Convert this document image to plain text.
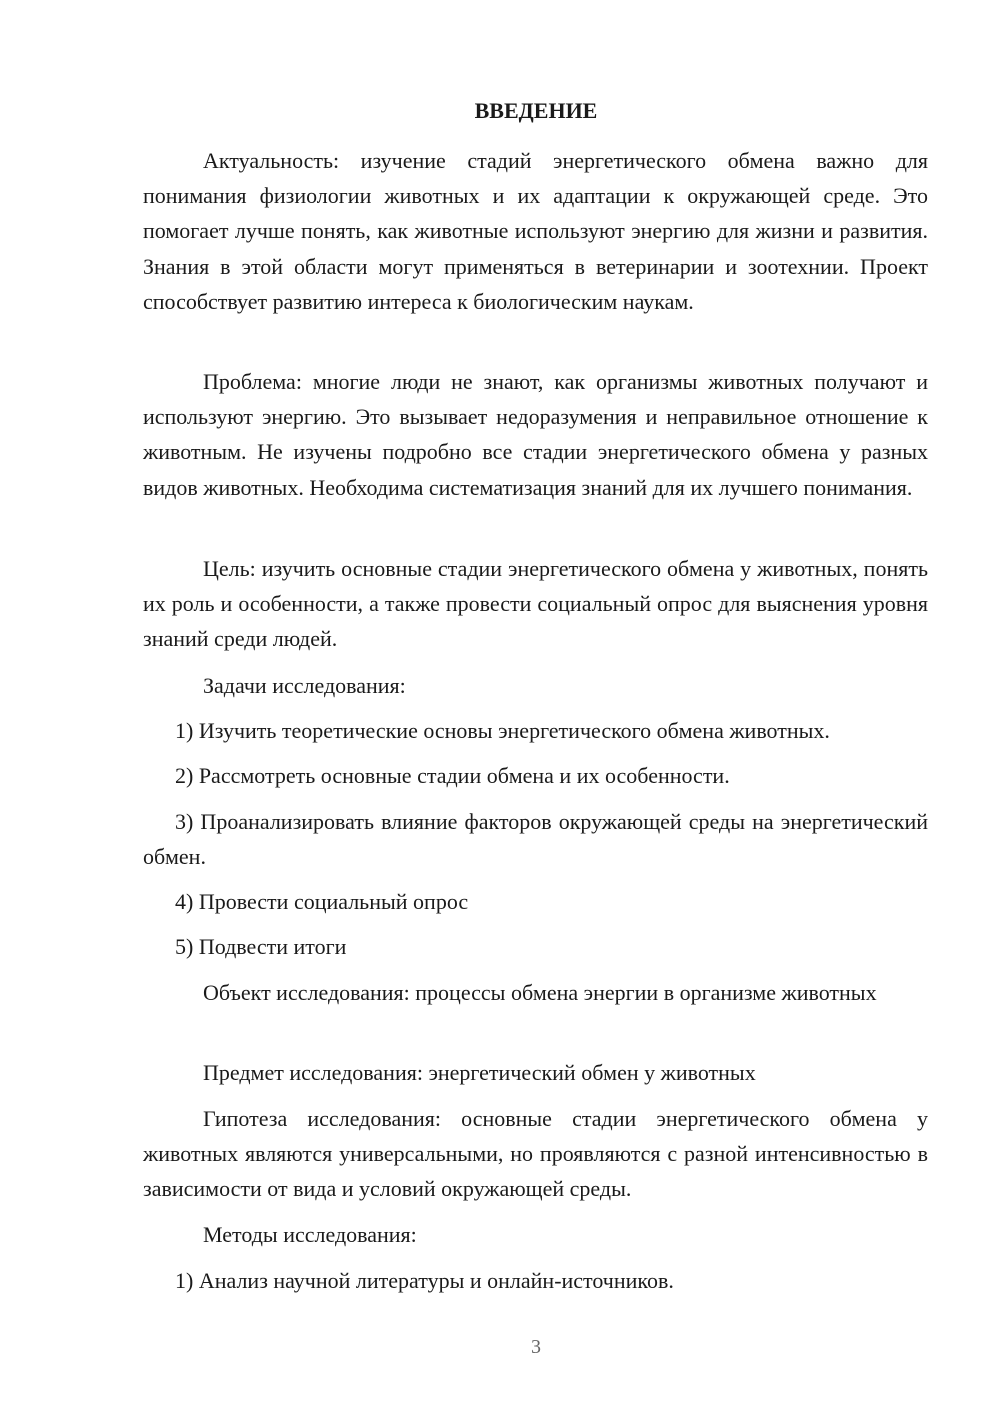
ВВЕДЕНИЕ

Актуальность: изучение стадий энергетического обмена важно для понимания физиологии животных и их адаптации к окружающей среде. Это помогает лучше понять, как животные используют энергию для жизни и развития. Знания в этой области могут применяться в ветеринарии и зоотехнии. Проект способствует развитию интереса к биологическим наукам.

Проблема: многие люди не знают, как организмы животных получают и используют энергию. Это вызывает недоразумения и неправильное отношение к животным. Не изучены подробно все стадии энергетического обмена у разных видов животных. Необходима систематизация знаний для их лучшего понимания.

Цель: изучить основные стадии энергетического обмена у животных, понять их роль и особенности, а также провести социальный опрос для выяснения уровня знаний среди людей.

Задачи исследования:

1) Изучить теоретические основы энергетического обмена животных.

2) Рассмотреть основные стадии обмена и их особенности.

3) Проанализировать влияние факторов окружающей среды на энергетический обмен.

4) Провести социальный опрос

5) Подвести итоги

Объект исследования: процессы обмена энергии в организме животных

Предмет исследования: энергетический обмен у животных

Гипотеза исследования: основные стадии энергетического обмена у животных являются универсальными, но проявляются с разной интенсивностью в зависимости от вида и условий окружающей среды.

Методы исследования:

1) Анализ научной литературы и онлайн-источников.

3
